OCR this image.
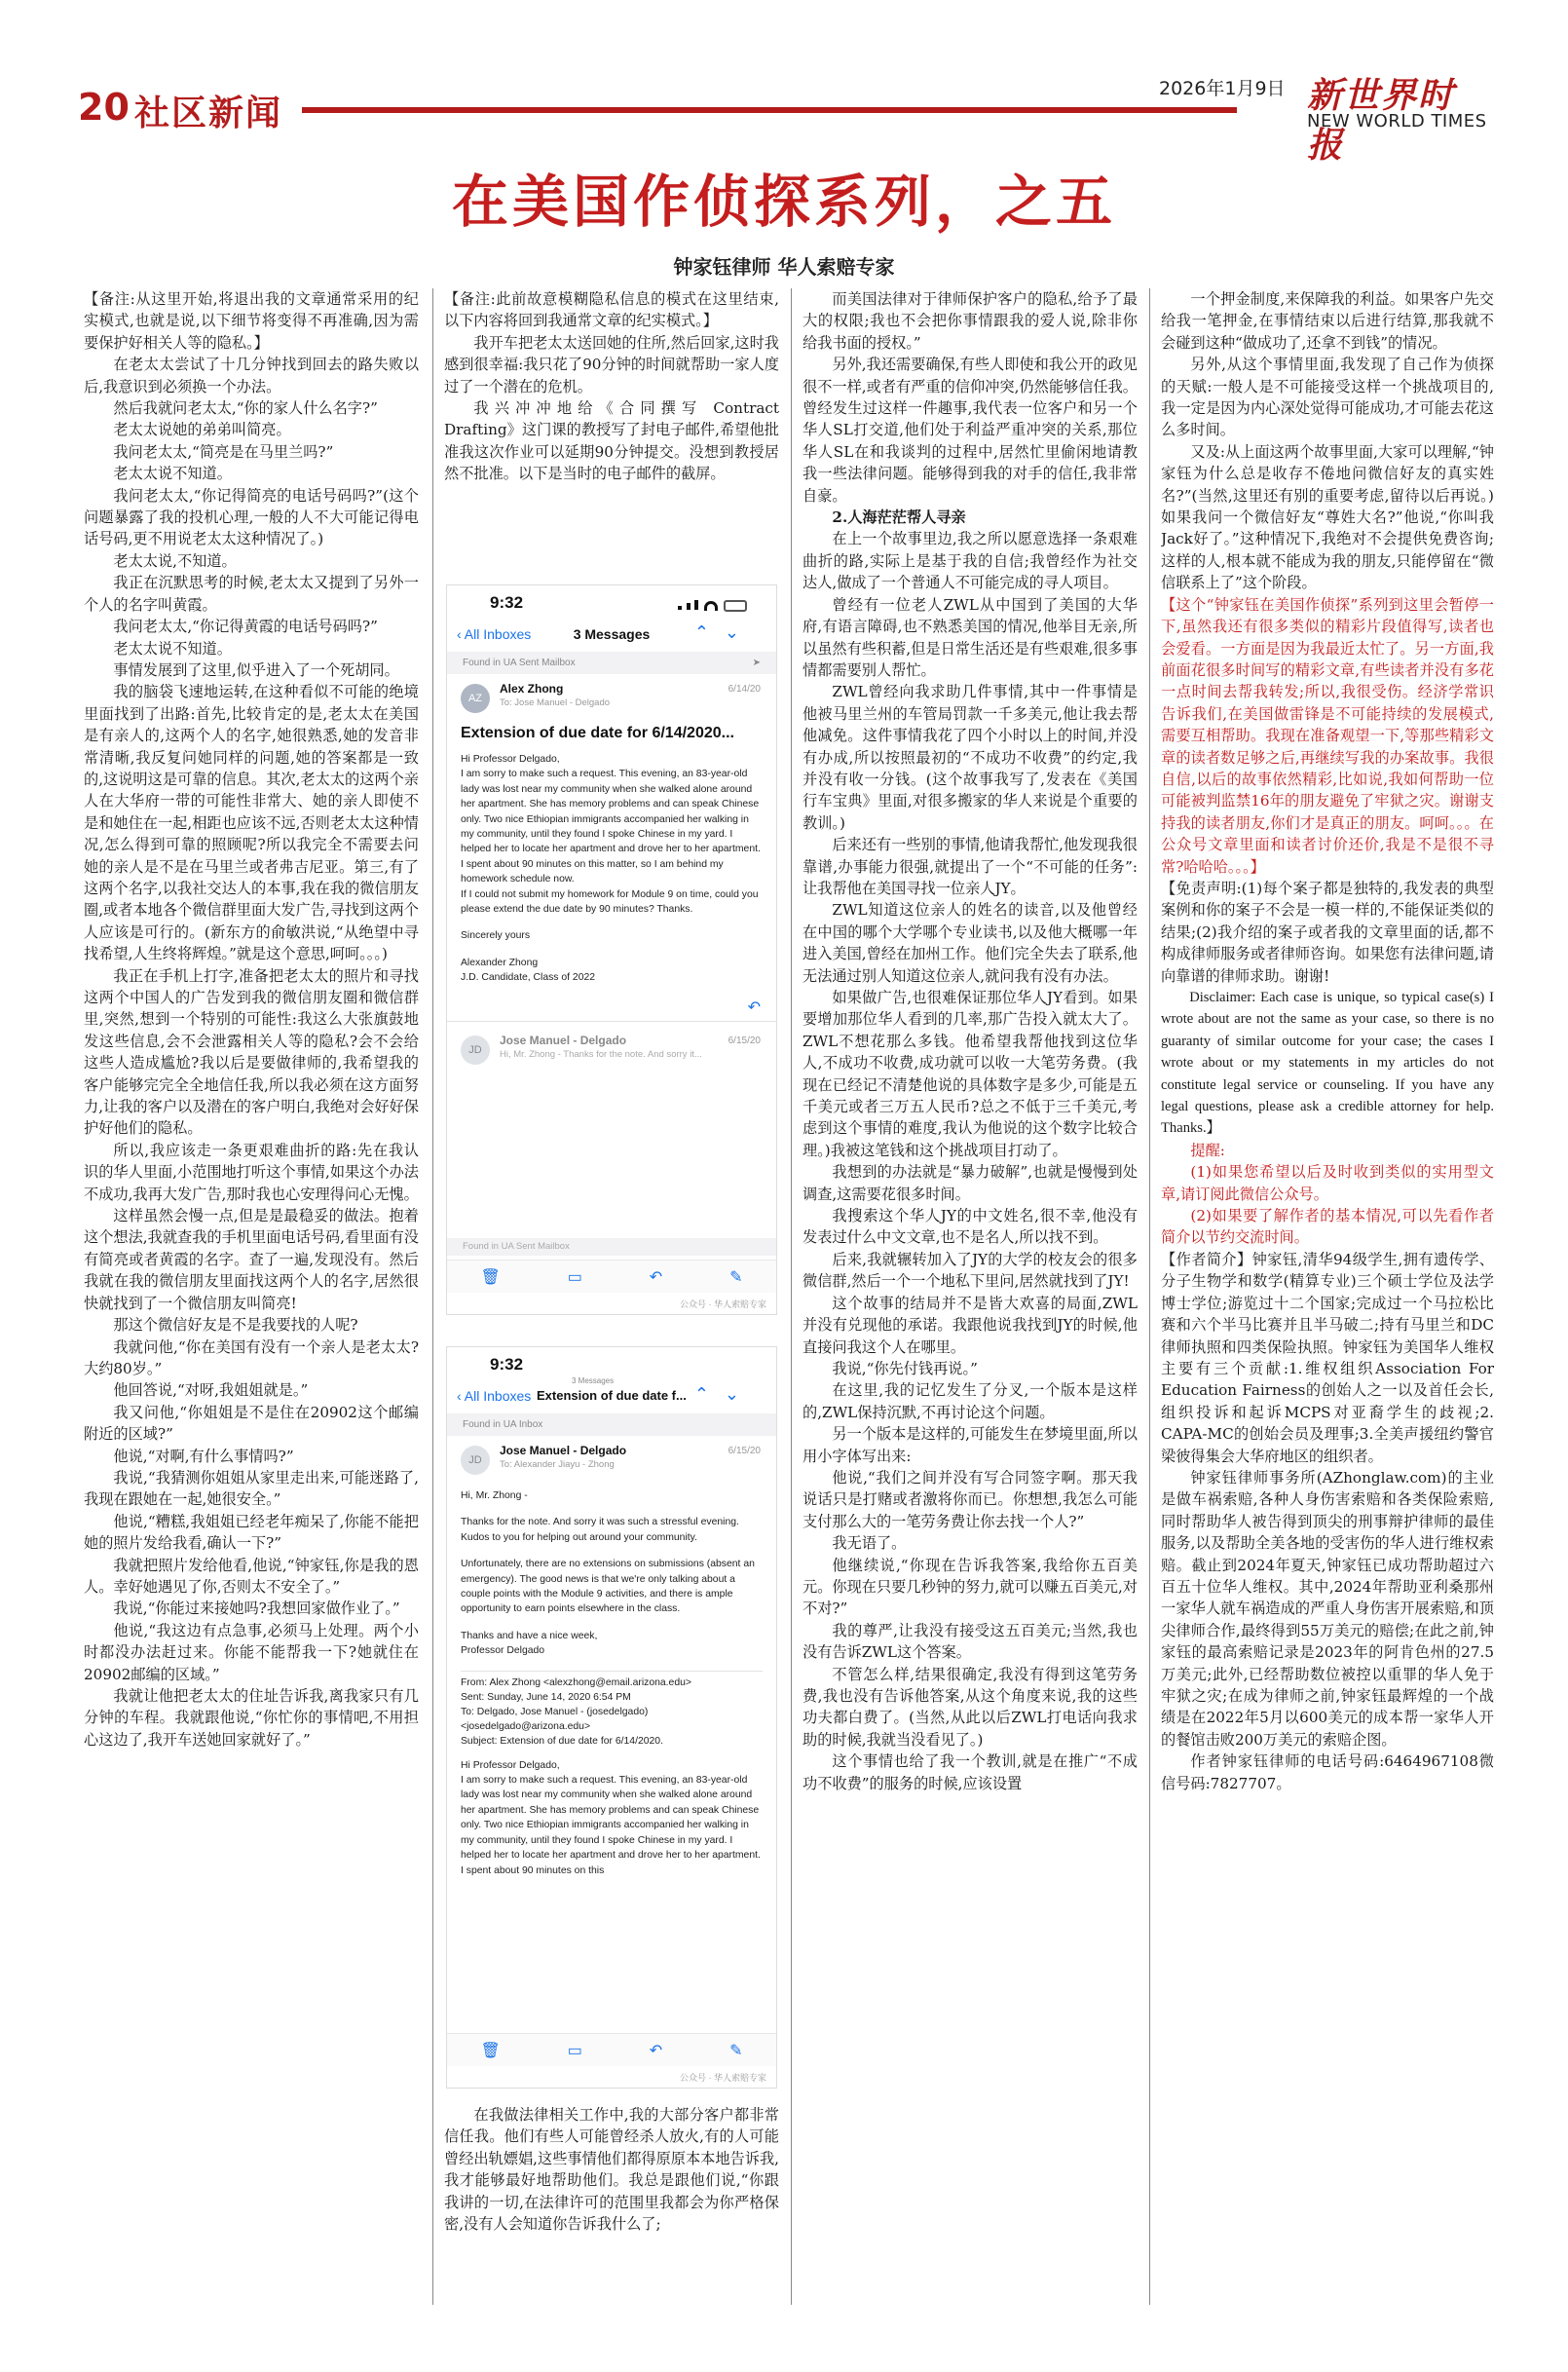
20 社区新闻
2026年1月9日 新世界时报
NEW WORLD TIMES
在美国作侦探系列，之五
钟家钰律师 华人索赔专家

【备注:从这里开始,将退出我的文章通常采用的纪实模式,也就是说,以下细节将变得不再准确,因为需要保护好相关人等的隐私。】

在老太太尝试了十几分钟找到回去的路失败以后,我意识到必须换一个办法。

然后我就问老太太,“你的家人什么名字?”

老太太说她的弟弟叫简亮。

我问老太太,“简亮是在马里兰吗?”

老太太说不知道。

我问老太太,“你记得简亮的电话号码吗?”(这个问题暴露了我的投机心理,一般的人不大可能记得电话号码,更不用说老太太这种情况了。)

老太太说,不知道。

我正在沉默思考的时候,老太太又提到了另外一个人的名字叫黄霞。

我问老太太,“你记得黄霞的电话号码吗?”

老太太说不知道。

事情发展到了这里,似乎进入了一个死胡同。

我的脑袋飞速地运转,在这种看似不可能的绝境里面找到了出路:首先,比较肯定的是,老太太在美国是有亲人的,这两个人的名字,她很熟悉,她的发音非常清晰,我反复问她同样的问题,她的答案都是一致的,这说明这是可靠的信息。其次,老太太的这两个亲人在大华府一带的可能性非常大、她的亲人即使不是和她住在一起,相距也应该不远,否则老太太这种情况,怎么得到可靠的照顾呢?所以我完全不需要去问她的亲人是不是在马里兰或者弗吉尼亚。第三,有了这两个名字,以我社交达人的本事,我在我的微信朋友圈,或者本地各个微信群里面大发广告,寻找到这两个人应该是可行的。(新东方的俞敏洪说,“从绝望中寻找希望,人生终将辉煌。”就是这个意思,呵呵。。。)

我正在手机上打字,准备把老太太的照片和寻找这两个中国人的广告发到我的微信朋友圈和微信群里,突然,想到一个特别的可能性:我这么大张旗鼓地发这些信息,会不会泄露相关人等的隐私?会不会给这些人造成尴尬?我以后是要做律师的,我希望我的客户能够完完全全地信任我,所以我必须在这方面努力,让我的客户以及潜在的客户明白,我绝对会好好保护好他们的隐私。

所以,我应该走一条更艰难曲折的路:先在我认识的华人里面,小范围地打听这个事情,如果这个办法不成功,我再大发广告,那时我也心安理得问心无愧。

这样虽然会慢一点,但是是最稳妥的做法。抱着这个想法,我就查我的手机里面电话号码,看里面有没有简亮或者黄霞的名字。查了一遍,发现没有。然后我就在我的微信朋友里面找这两个人的名字,居然很快就找到了一个微信朋友叫简亮!

那这个微信好友是不是我要找的人呢?

我就问他,“你在美国有没有一个亲人是老太太?大约80岁。”

他回答说,“对呀,我姐姐就是。”

我又问他,“你姐姐是不是住在20902这个邮编附近的区域?”

他说,“对啊,有什么事情吗?”

我说,“我猜测你姐姐从家里走出来,可能迷路了,我现在跟她在一起,她很安全。”

他说,“糟糕,我姐姐已经老年痴呆了,你能不能把她的照片发给我看,确认一下?”

我就把照片发给他看,他说,“钟家钰,你是我的恩人。幸好她遇见了你,否则太不安全了。”

我说,“你能过来接她吗?我想回家做作业了。”

他说,“我这边有点急事,必须马上处理。两个小时都没办法赶过来。你能不能帮我一下?她就住在20902邮编的区域。”

我就让他把老太太的住址告诉我,离我家只有几分钟的车程。我就跟他说,“你忙你的事情吧,不用担心这边了,我开车送她回家就好了。”

【备注:此前故意模糊隐私信息的模式在这里结束,以下内容将回到我通常文章的纪实模式。】

我开车把老太太送回她的住所,然后回家,这时我感到很幸福:我只花了90分钟的时间就帮助一家人度过了一个潜在的危机。

我兴冲冲地给《合同撰写 Contract Drafting》这门课的教授写了封电子邮件,希望他批准我这次作业可以延期90分钟提交。没想到教授居然不批准。以下是当时的电子邮件的截屏。

9:32

‹ All Inboxes	3 Messages	⌃⌄
Found in UA Sent Mailbox	➤
AZ
Alex Zhong
To: Jose Manuel - Delgado
6/14/20
Extension of due date for 6/14/2020...

Hi Professor Delgado,
I am sorry to make such a request. This evening, an 83-year-old lady was lost near my community when she walked alone around her apartment. She has memory problems and can speak Chinese only. Two nice Ethiopian immigrants accompanied her walking in my community, until they found I spoke Chinese in my yard. I helped her to locate her apartment and drove her to her apartment. I spent about 90 minutes on this matter, so I am behind my homework schedule now.
If I could not submit my homework for Module 9 on time, could you please extend the due date by 90 minutes? Thanks.

Sincerely yours

Alexander Zhong
J.D. Candidate, Class of 2022

↶
JD
Jose Manuel - Delgado
Hi, Mr. Zhong - Thanks for the note. And sorry it...
6/15/20
Found in UA Sent Mailbox
🗑	▭	↶	✎
公众号 · 华人索赔专家
9:32
‹ All Inboxes
3 Messages
Extension of due date f... ⌃⌄
Found in UA Inbox
JD
Jose Manuel - Delgado
To: Alexander Jiayu - Zhong
6/15/20

Hi, Mr. Zhong -

Thanks for the note. And sorry it was such a stressful evening. Kudos to you for helping out around your community.

Unfortunately, there are no extensions on submissions (absent an emergency). The good news is that we're only talking about a couple points with the Module 9 activities, and there is ample opportunity to earn points elsewhere in the class.

Thanks and have a nice week,
Professor Delgado

From: Alex Zhong <alexzhong@email.arizona.edu>
Sent: Sunday, June 14, 2020 6:54 PM
To: Delgado, Jose Manuel - (josedelgado) <josedelgado@arizona.edu>
Subject: Extension of due date for 6/14/2020.

Hi Professor Delgado,
I am sorry to make such a request. This evening, an 83-year-old lady was lost near my community when she walked alone around her apartment. She has memory problems and can speak Chinese only. Two nice Ethiopian immigrants accompanied her walking in my community, until they found I spoke Chinese in my yard. I helped her to locate her apartment and drove her to her apartment. I spent about 90 minutes on this

🗑	▭	↶	✎
公众号 · 华人索赔专家

在我做法律相关工作中,我的大部分客户都非常信任我。他们有些人可能曾经杀人放火,有的人可能曾经出轨嫖娼,这些事情他们都得原原本本地告诉我,我才能够最好地帮助他们。我总是跟他们说,“你跟我讲的一切,在法律许可的范围里我都会为你严格保密,没有人会知道你告诉我什么了;

而美国法律对于律师保护客户的隐私,给予了最大的权限;我也不会把你事情跟我的爱人说,除非你给我书面的授权。”

另外,我还需要确保,有些人即使和我公开的政见很不一样,或者有严重的信仰冲突,仍然能够信任我。曾经发生过这样一件趣事,我代表一位客户和另一个华人SL打交道,他们处于利益严重冲突的关系,那位华人SL在和我谈判的过程中,居然忙里偷闲地请教我一些法律问题。能够得到我的对手的信任,我非常自豪。

2.人海茫茫帮人寻亲

在上一个故事里边,我之所以愿意选择一条艰难曲折的路,实际上是基于我的自信;我曾经作为社交达人,做成了一个普通人不可能完成的寻人项目。

曾经有一位老人ZWL从中国到了美国的大华府,有语言障碍,也不熟悉美国的情况,他举目无亲,所以虽然有些积蓄,但是日常生活还是有些艰难,很多事情都需要别人帮忙。

ZWL曾经向我求助几件事情,其中一件事情是他被马里兰州的车管局罚款一千多美元,他让我去帮他减免。这件事情我花了四个小时以上的时间,并没有办成,所以按照最初的“不成功不收费”的约定,我并没有收一分钱。(这个故事我写了,发表在《美国行车宝典》里面,对很多搬家的华人来说是个重要的教训。)

后来还有一些别的事情,他请我帮忙,他发现我很靠谱,办事能力很强,就提出了一个“不可能的任务”:让我帮他在美国寻找一位亲人JY。

ZWL知道这位亲人的姓名的读音,以及他曾经在中国的哪个大学哪个专业读书,以及他大概哪一年进入美国,曾经在加州工作。他们完全失去了联系,他无法通过别人知道这位亲人,就问我有没有办法。

如果做广告,也很难保证那位华人JY看到。如果要增加那位华人看到的几率,那广告投入就太大了。ZWL不想花那么多钱。他希望我帮他找到这位华人,不成功不收费,成功就可以收一大笔劳务费。(我现在已经记不清楚他说的具体数字是多少,可能是五千美元或者三万五人民币?总之不低于三千美元,考虑到这个事情的难度,我认为他说的这个数字比较合理。)我被这笔钱和这个挑战项目打动了。

我想到的办法就是“暴力破解”,也就是慢慢到处调查,这需要花很多时间。

我搜索这个华人JY的中文姓名,很不幸,他没有发表过什么中文文章,也不是名人,所以找不到。

后来,我就辗转加入了JY的大学的校友会的很多微信群,然后一个一个地私下里问,居然就找到了JY!

这个故事的结局并不是皆大欢喜的局面,ZWL并没有兑现他的承诺。我跟他说我找到JY的时候,他直接问我这个人在哪里。

我说,“你先付钱再说。”

在这里,我的记忆发生了分叉,一个版本是这样的,ZWL保持沉默,不再讨论这个问题。

另一个版本是这样的,可能发生在梦境里面,所以用小字体写出来:

他说,“我们之间并没有写合同签字啊。那天我说话只是打赌或者激将你而已。你想想,我怎么可能支付那么大的一笔劳务费让你去找一个人?”

我无语了。

他继续说,“你现在告诉我答案,我给你五百美元。你现在只要几秒钟的努力,就可以赚五百美元,对不对?”

我的尊严,让我没有接受这五百美元;当然,我也没有告诉ZWL这个答案。

不管怎么样,结果很确定,我没有得到这笔劳务费,我也没有告诉他答案,从这个角度来说,我的这些功夫都白费了。(当然,从此以后ZWL打电话向我求助的时候,我就当没看见了。)

这个事情也给了我一个教训,就是在推广“不成功不收费”的服务的时候,应该设置

一个押金制度,来保障我的利益。如果客户先交给我一笔押金,在事情结束以后进行结算,那我就不会碰到这种“做成功了,还拿不到钱”的情况。

另外,从这个事情里面,我发现了自己作为侦探的天赋:一般人是不可能接受这样一个挑战项目的,我一定是因为内心深处觉得可能成功,才可能去花这么多时间。

又及:从上面这两个故事里面,大家可以理解,“钟家钰为什么总是收存不倦地问微信好友的真实姓名?”(当然,这里还有别的重要考虑,留待以后再说。)如果我问一个微信好友“尊姓大名?”他说,“你叫我Jack好了。”这种情况下,我绝对不会提供免费咨询;这样的人,根本就不能成为我的朋友,只能停留在“微信联系上了”这个阶段。

【这个“钟家钰在美国作侦探”系列到这里会暂停一下,虽然我还有很多类似的精彩片段值得写,读者也会爱看。一方面是因为我最近太忙了。另一方面,我前面花很多时间写的精彩文章,有些读者并没有多花一点时间去帮我转发;所以,我很受伤。经济学常识告诉我们,在美国做雷锋是不可能持续的发展模式,需要互相帮助。我现在准备观望一下,等那些精彩文章的读者数足够之后,再继续写我的办案故事。我很自信,以后的故事依然精彩,比如说,我如何帮助一位可能被判监禁16年的朋友避免了牢狱之灾。谢谢支持我的读者朋友,你们才是真正的朋友。呵呵。。。在公众号文章里面和读者讨价还价,我是不是很不寻常?哈哈哈。。。】

【免责声明:(1)每个案子都是独特的,我发表的典型案例和你的案子不会是一模一样的,不能保证类似的结果;(2)我介绍的案子或者我的文章里面的话,都不构成律师服务或者律师咨询。如果您有法律问题,请向靠谱的律师求助。谢谢!

Disclaimer: Each case is unique, so typical case(s) I wrote about are not the same as your case, so there is no guaranty of similar outcome for your case; the cases I wrote about or my statements in my articles do not constitute legal service or counseling. If you have any legal questions, please ask a credible attorney for help. Thanks.】

提醒:

(1)如果您希望以后及时收到类似的实用型文章,请订阅此微信公众号。

(2)如果要了解作者的基本情况,可以先看作者简介以节约交流时间。

【作者简介】钟家钰,清华94级学生,拥有遗传学、分子生物学和数学(精算专业)三个硕士学位及法学博士学位;游览过十二个国家;完成过一个马拉松比赛和六个半马比赛并且半马破二;持有马里兰和DC律师执照和四类保险执照。钟家钰为美国华人维权主要有三个贡献:1.维权组织Association For Education Fairness的创始人之一以及首任会长,组织投诉和起诉MCPS对亚裔学生的歧视;2. CAPA-MC的创始会员及理事;3.全美声援纽约警官梁彼得集会大华府地区的组织者。

钟家钰律师事务所(AZhonglaw.com)的主业是做车祸索赔,各种人身伤害索赔和各类保险索赔,同时帮助华人被告得到顶尖的刑事辩护律师的最佳服务,以及帮助全美各地的受害伤的华人进行维权索赔。截止到2024年夏天,钟家钰已成功帮助超过六百五十位华人维权。其中,2024年帮助亚利桑那州一家华人就车祸造成的严重人身伤害开展索赔,和顶尖律师合作,最终得到55万美元的赔偿;在此之前,钟家钰的最高索赔记录是2023年的阿肯色州的27.5万美元;此外,已经帮助数位被控以重罪的华人免于牢狱之灾;在成为律师之前,钟家钰最辉煌的一个战绩是在2022年5月以600美元的成本帮一家华人开的餐馆击败200万美元的索赔企图。

作者钟家钰律师的电话号码:6464967108微信号码:7827707。
